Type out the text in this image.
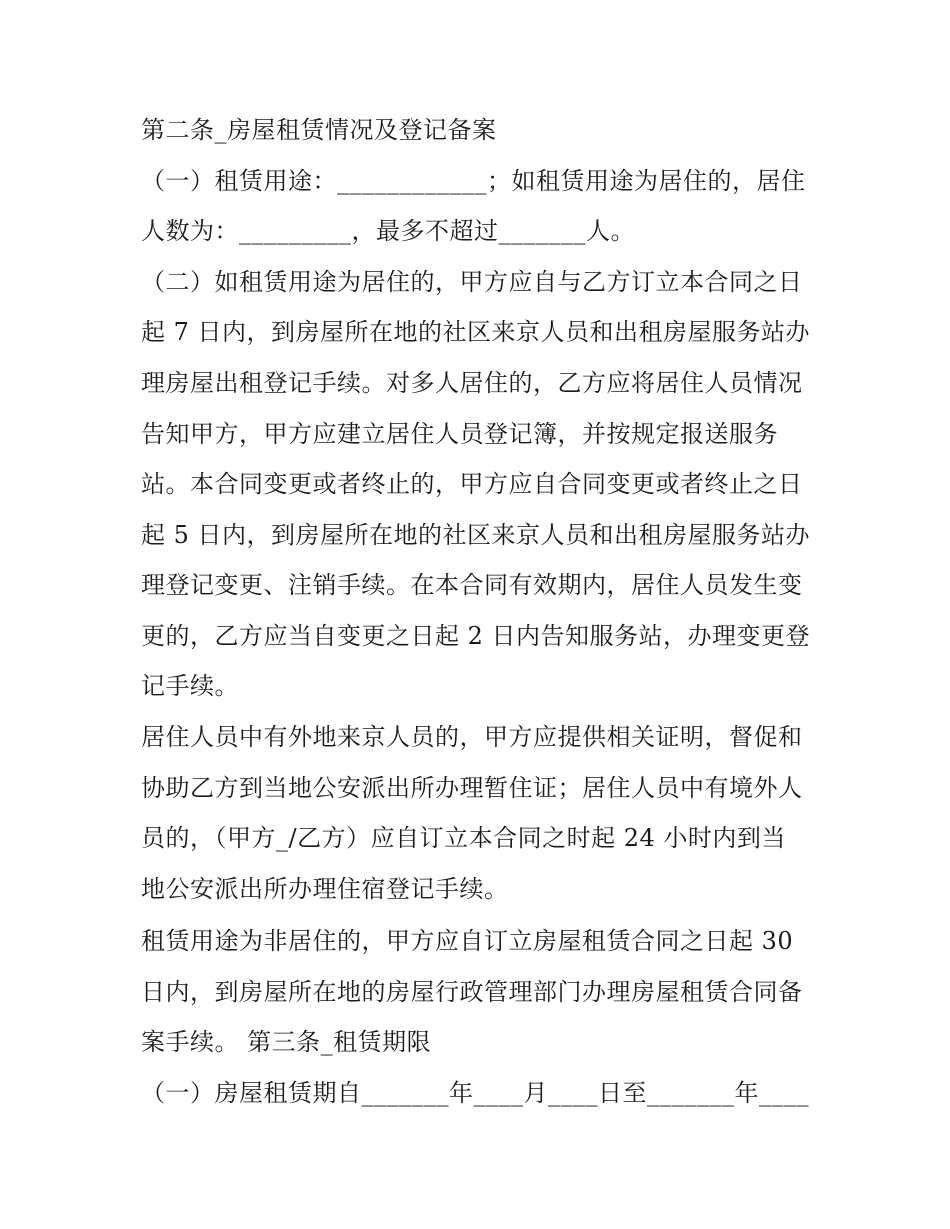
第二条_房屋租赁情况及登记备案
（一）租赁用途：____________；如租赁用途为居住的，居住
人数为：_________，最多不超过_______人。
（二）如租赁用途为居住的，甲方应自与乙方订立本合同之日
起 7 日内，到房屋所在地的社区来京人员和出租房屋服务站办
理房屋出租登记手续。对多人居住的，乙方应将居住人员情况
告知甲方，甲方应建立居住人员登记簿，并按规定报送服务
站。本合同变更或者终止的，甲方应自合同变更或者终止之日
起 5 日内，到房屋所在地的社区来京人员和出租房屋服务站办
理登记变更、注销手续。在本合同有效期内，居住人员发生变
更的，乙方应当自变更之日起 2 日内告知服务站，办理变更登
记手续。
居住人员中有外地来京人员的，甲方应提供相关证明，督促和
协助乙方到当地公安派出所办理暂住证；居住人员中有境外人
员的，（甲方_/乙方）应自订立本合同之时起 24 小时内到当
地公安派出所办理住宿登记手续。
租赁用途为非居住的，甲方应自订立房屋租赁合同之日起 30
日内，到房屋所在地的房屋行政管理部门办理房屋租赁合同备
案手续。 第三条_租赁期限
（一）房屋租赁期自_______年____月____日至_______年____
